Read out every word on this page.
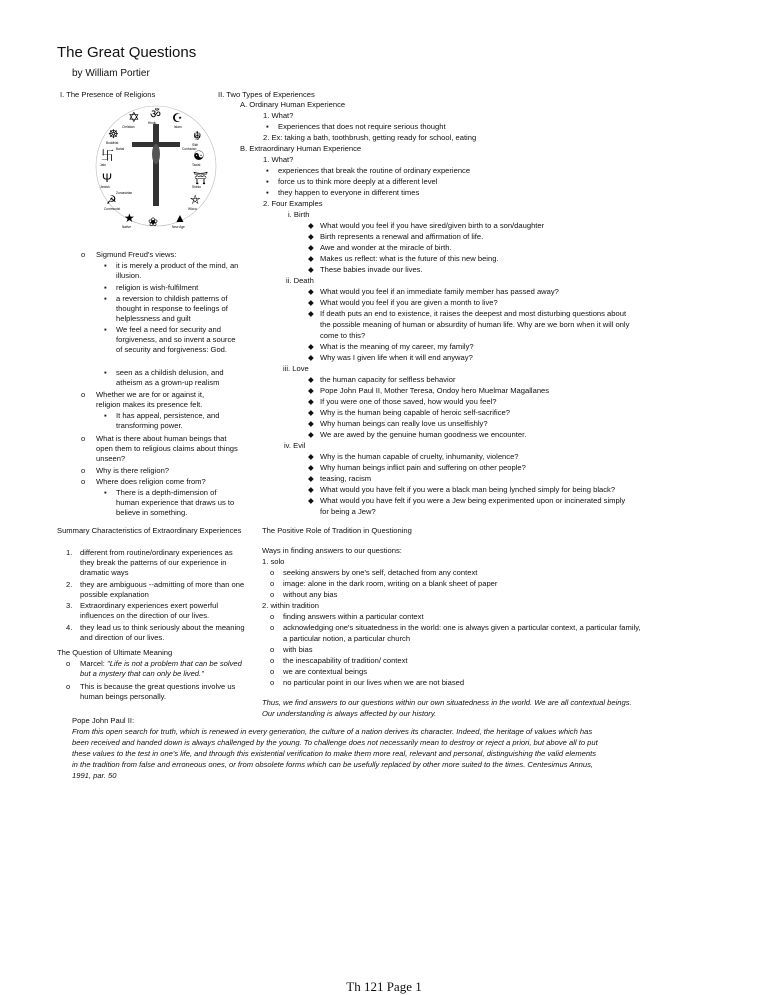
The Great Questions
by William Portier
I. The Presence of Religions
✡ ॐ ☪
☸	☬
卐	☯
Ψ	⛩
☭	⛤
★ ❀ ▲
Christian	Islam
Hindu
Buddhist	Sikh
Jain	Taoist
Jewish	Shinto
Communist	Wicca
Native	New Age
Bahai	Confucian
Zoroastrian
o Sigmund Freud's views:
▪ it is merely a product of the mind, an illusion.
▪ religion is wish-fulfilment
▪ a reversion to childish patterns of thought in response to feelings of helplessness and guilt
▪ We feel a need for security and forgiveness, and so invent a source of security and forgiveness: God.
▪ seen as a childish delusion, and atheism as a grown-up realism
o Whether we are for or against it, religion makes its presence felt.
▪ It has appeal, persistence, and transforming power.
o What is there about human beings that open them to religious claims about things unseen?
o Why is there religion?
o Where does religion come from?
▪ There is a depth-dimension of human experience that draws us to believe in something.
Summary Characteristics of Extraordinary Experiences
1. different from routine/ordinary experiences as they break the patterns of our experience in dramatic ways
2. they are ambiguous --admitting of more than one possible explanation
3. Extraordinary experiences exert powerful influences on the direction of our lives.
4. they lead us to think seriously about the meaning and direction of our lives.
The Question of Ultimate Meaning
o Marcel: "Life is not a problem that can be solved but a mystery that can only be lived."
o This is because the great questions involve us human beings personally.
II. Two Types of Experiences
A. Ordinary Human Experience
1. What?
▪ Experiences that does not require serious thought
2. Ex: taking a bath, toothbrush, getting ready for school, eating
B. Extraordinary Human Experience
1. What?
▪ experiences that break the routine of ordinary experience
▪ force us to think more deeply at a different level
▪ they happen to everyone in different times
2. Four Examples
i. Birth
◆ What would you feel if you have sired/given birth to a son/daughter
◆ Birth represents a renewal and affirmation of life.
◆ Awe and wonder at the miracle of birth.
◆ Makes us reflect: what is the future of this new being.
◆ These babies invade our lives.
ii. Death
◆ What would you feel if an immediate family member has passed away?
◆ What would you feel if you are given a month to live?
◆ If death puts an end to existence, it raises the deepest and most disturbing questions about
the possible meaning of human or absurdity of human life. Why are we born when it will only
come to this?
◆ What is the meaning of my career, my family?
◆ Why was I given life when it will end anyway?
iii. Love
◆ the human capacity for selfless behavior
◆ Pope John Paul II, Mother Teresa, Ondoy hero Muelmar Magallanes
◆ If you were one of those saved, how would you feel?
◆ Why is the human being capable of heroic self-sacrifice?
◆ Why human beings can really love us unselfishly?
◆ We are awed by the genuine human goodness we encounter.
iv. Evil
◆ Why is the human capable of cruelty, inhumanity, violence?
◆ Why human beings inflict pain and suffering on other people?
◆ teasing, racism
◆ What would you have felt if you were a black man being lynched simply for being black?
◆ What would you have felt if you were a Jew being experimented upon or incinerated simply
for being a Jew?
The Positive Role of Tradition in Questioning
Ways in finding answers to our questions:
1. solo
o seeking answers by one's self, detached from any context
o image: alone in the dark room, writing on a blank sheet of paper
o without any bias
2. within tradition
o finding answers within a particular context
o acknowledging one's situatedness in the world: one is always given a particular context, a particular family,
a particular notion, a particular church
o with bias
o the inescapability of tradition/ context
o we are contextual beings
o no particular point in our lives when we are not biased
Thus, we find answers to our questions within our own situatedness in the world. We are all contextual beings.
Our understanding is always affected by our history.
Pope John Paul II:
From this open search for truth, which is renewed in every generation, the culture of a nation derives its character. Indeed, the heritage of values which has
been received and handed down is always challenged by the young. To challenge does not necessarily mean to destroy or reject a priori, but above all to put
these values to the test in one's life, and through this existential verification to make them more real, relevant and personal, distinguishing the valid elements
in the tradition from false and erroneous ones, or from obsolete forms which can be usefully replaced by other more suited to the times. Centesimus Annus,
1991, par. 50
Th 121 Page 1
